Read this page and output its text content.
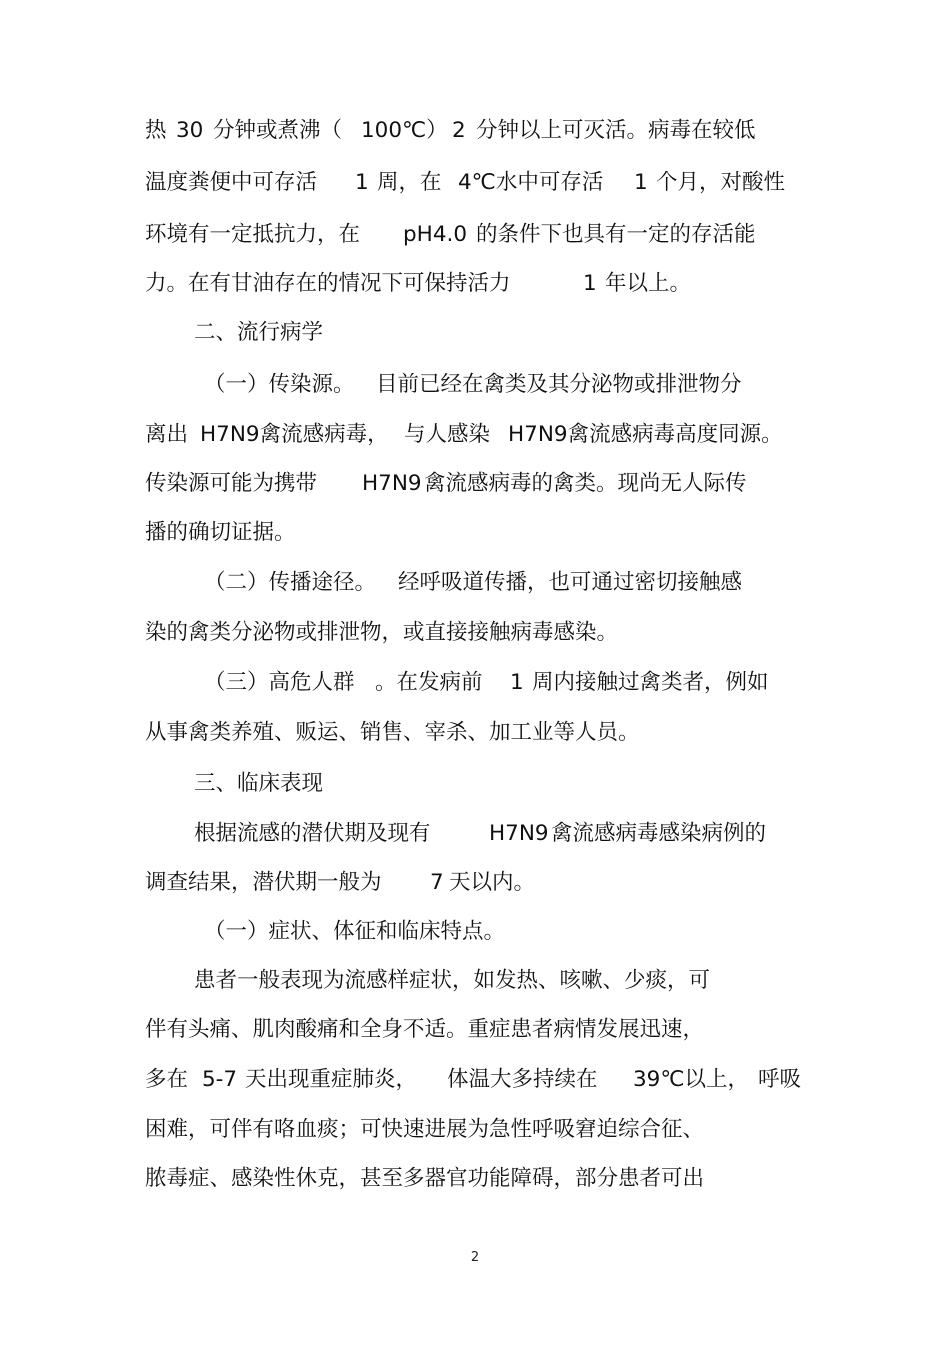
热

30

分钟或煮沸（

100℃）

2

分钟以上可灭活。病毒在较低

温度粪便中可存活

1

周，在

4℃水中可存活

1

个月，对酸性

环境有一定抵抗力，在

pH4.0

的条件下也具有一定的存活能

力。在有甘油存在的情况下可保持活力

	1

年以上。

二、流行病学

（一）传染源。

目前已经在禽类及其分泌物或排泄物分

离出

H7N9禽流感病毒，

与人感染

H7N9禽流感病毒高度同源。

传染源可能为携带

H7N9

禽流感病毒的禽类。现尚无人际传

播的确切证据。

（二）传播途径。

经呼吸道传播，也可通过密切接触感

染的禽类分泌物或排泄物，或直接接触病毒感染。

（三）高危人群

。在发病前

1

周内接触过禽类者，例如

从事禽类养殖、贩运、销售、宰杀、加工业等人员。

三、临床表现

根据流感的潜伏期及现有

	H7N9

禽流感病毒感染病例的

调查结果，潜伏期一般为

7

天以内。

（一）症状、体征和临床特点。

患者一般表现为流感样症状，如发热、咳嗽、少痰，可

伴有头痛、肌肉酸痛和全身不适。重症患者病情发展迅速，

多在

5-7

天出现重症肺炎，

体温大多持续在

39℃以上，

呼吸

困难，可伴有咯血痰；可快速进展为急性呼吸窘迫综合征、

脓毒症、感染性休克，甚至多器官功能障碍，部分患者可出

2
